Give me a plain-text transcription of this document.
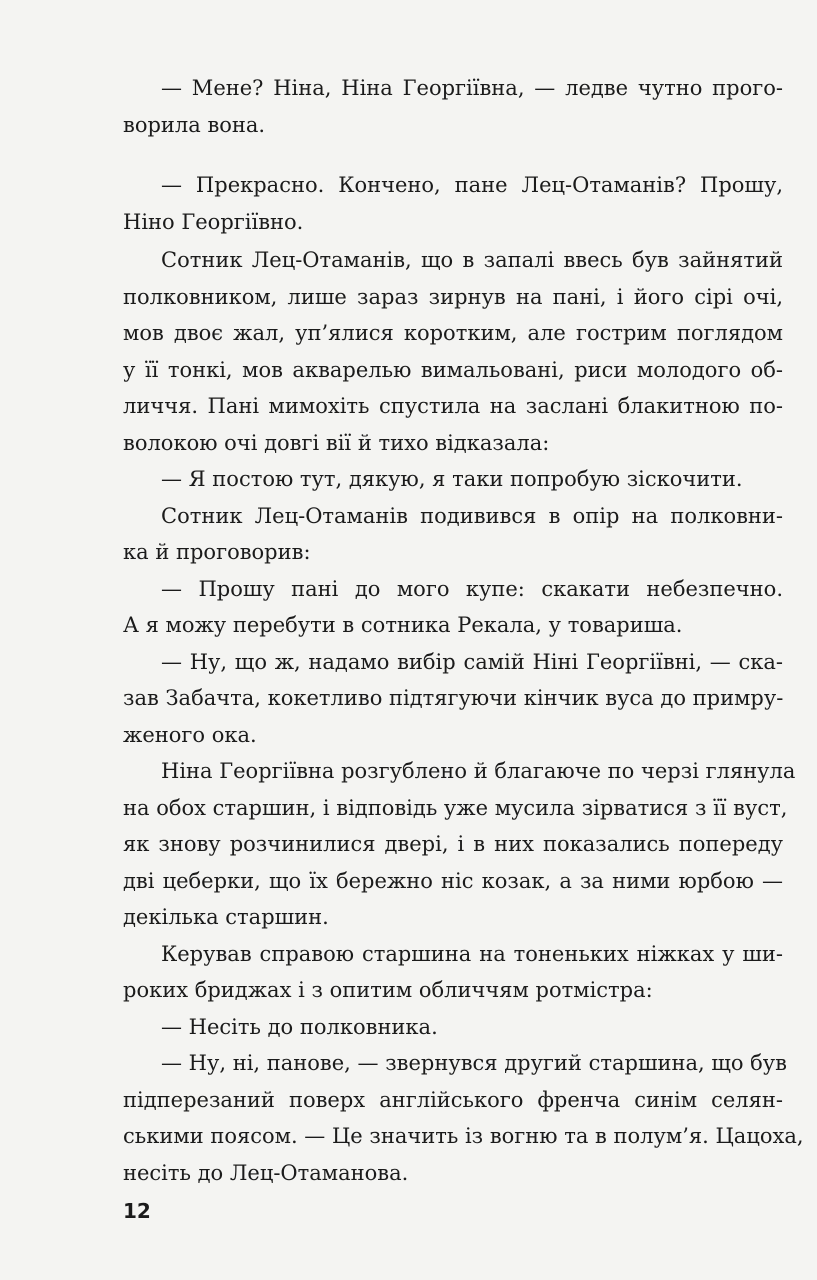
— Мене? Ніна, Ніна Георгіївна, — ледве чутно прого-
ворила вона.
— Прекрасно. Кончено, пане Лец-Отаманів? Прошу,
Ніно Георгіївно.
Сотник Лец-Отаманів, що в запалі ввесь був зайнятий
полковником, лише зараз зирнув на пані, і його сірі очі,
мов двоє жал, уп’ялися коротким, але гострим поглядом
у її тонкі, мов акварелью вимальовані, риси молодого об-
личчя. Пані мимохіть спустила на заслані блакитною по-
волокою очі довгі вії й тихо відказала:
— Я постою тут, дякую, я таки попробую зіскочити.
Сотник Лец-Отаманів подивився в опір на полковни-
ка й проговорив:
— Прошу пані до мого купе: скакати небезпечно.
А я можу перебути в сотника Рекала, у товариша.
— Ну, що ж, надамо вибір самій Ніні Георгіївні, — ска-
зав Забачта, кокетливо підтягуючи кінчик вуса до примру-
женого ока.
Ніна Георгіївна розгублено й благаюче по черзі глянула
на обох старшин, і відповідь уже мусила зірватися з її вуст,
як знову розчинилися двері, і в них показались попереду
дві цеберки, що їх бережно ніс козак, а за ними юрбою —
декілька старшин.
Керував справою старшина на тоненьких ніжках у ши-
роких бриджах і з опитим обличчям ротмістра:
— Несіть до полковника.
— Ну, ні, панове, — звернувся другий старшина, що був
підперезаний поверх англійського френча синім селян-
ськими поясом. — Це значить із вогню та в полум’я. Цацоха,
несіть до Лец-Отаманова.
12
